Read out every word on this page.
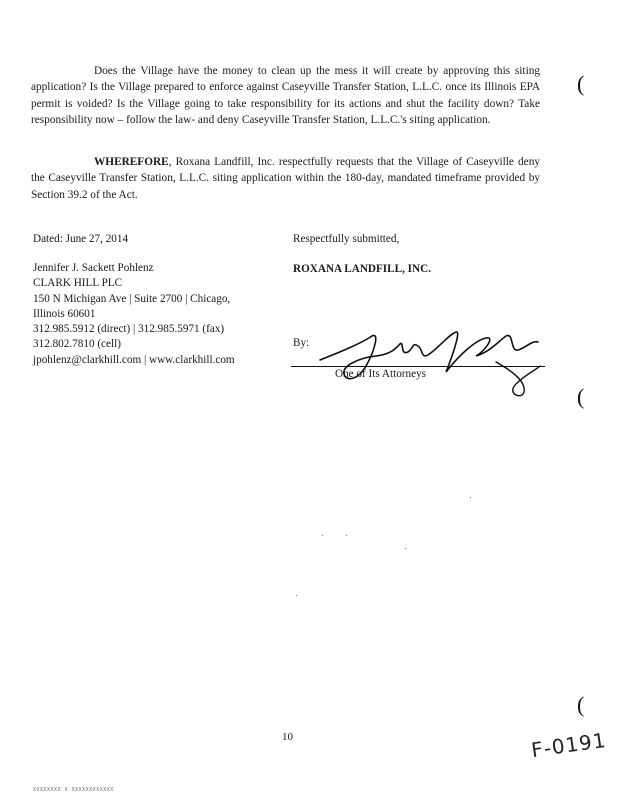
Does the Village have the money to clean up the mess it will create by approving this siting application? Is the Village prepared to enforce against Caseyville Transfer Station, L.L.C. once its Illinois EPA permit is voided? Is the Village going to take responsibility for its actions and shut the facility down? Take responsibility now – follow the law- and deny Caseyville Transfer Station, L.L.C.'s siting application.

WHEREFORE, Roxana Landfill, Inc. respectfully requests that the Village of Caseyville deny the Caseyville Transfer Station, L.L.C. siting application within the 180-day, mandated timeframe provided by Section 39.2 of the Act.

Dated: June 27, 2014	Respectfully submitted,
ROXANA LANDFILL, INC.
Jennifer J. Sackett Pohlenz
CLARK HILL PLC
150 N Michigan Ave | Suite 2700 | Chicago,
Illinois 60601
312.985.5912 (direct) | 312.985.5971 (fax)
312.802.7810 (cell)
jpohlenz@clarkhill.com | www.clarkhill.com
By:
One of Its Attorneys
(
(
(
10	F-0191
XXXXXXXX X XXXXXXXXXXXX
